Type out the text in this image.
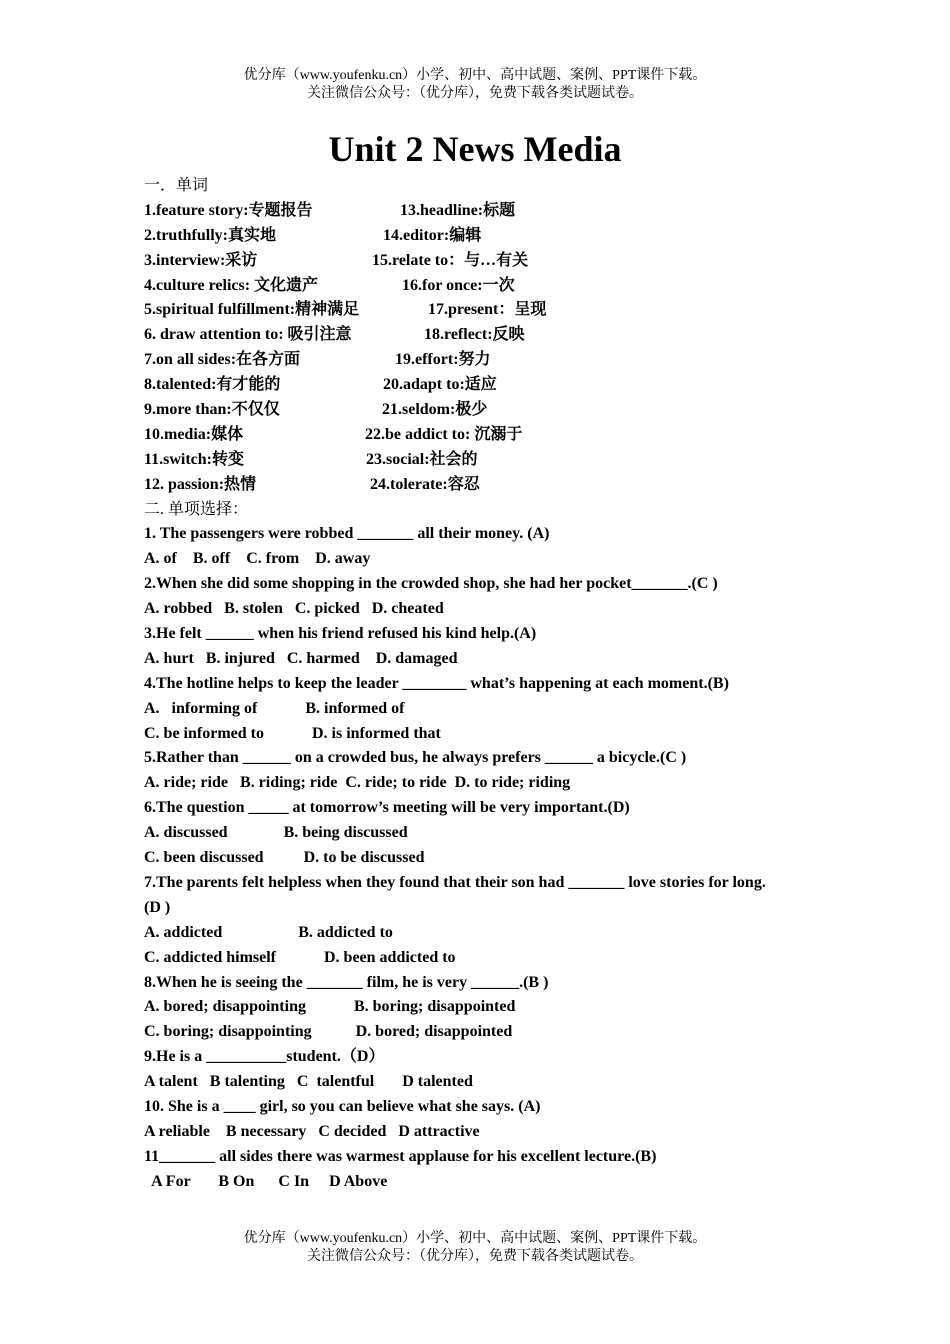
优分库（www.youfenku.cn）小学、初中、高中试题、案例、PPT课件下载。
关注微信公众号：（优分库），免费下载各类试题试卷。
Unit 2 News Media
一．单词
1.feature story:专题报告	13.headline:标题
2.truthfully:真实地	14.editor:编辑
3.interview:采访	15.relate to：与…有关
4.culture relics: 文化遗产	16.for once:一次
5.spiritual fulfillment:精神满足	17.present：呈现
6. draw attention to: 吸引注意	18.reflect:反映
7.on all sides:在各方面	19.effort:努力
8.talented:有才能的	20.adapt to:适应
9.more than:不仅仅	21.seldom:极少
10.media:媒体	22.be addict to: 沉溺于
11.switch:转变	23.social:社会的
12. passion:热情	24.tolerate:容忍
二. 单项选择：
1. The passengers were robbed _______ all their money. (A)
A. of    B. off    C. from    D. away
2.When she did some shopping in the crowded shop, she had her pocket_______.(C )
A. robbed   B. stolen   C. picked   D. cheated
3.He felt ______ when his friend refused his kind help.(A)
A. hurt   B. injured   C. harmed    D. damaged
4.The hotline helps to keep the leader ________ what’s happening at each moment.(B)
A.   informing of            B. informed of
C. be informed to            D. is informed that
5.Rather than ______ on a crowded bus, he always prefers ______ a bicycle.(C )
A. ride; ride   B. riding; ride  C. ride; to ride  D. to ride; riding
6.The question _____ at tomorrow’s meeting will be very important.(D)
A. discussed              B. being discussed
C. been discussed          D. to be discussed
7.The parents felt helpless when they found that their son had _______ love stories for long.
(D )
A. addicted                   B. addicted to
C. addicted himself            D. been addicted to
8.When he is seeing the _______ film, he is very ______.(B )
A. bored; disappointing            B. boring; disappointed
C. boring; disappointing           D. bored; disappointed
9.He is a __________student.（D）
A talent   B talenting   C  talentful       D talented
10. She is a ____ girl, so you can believe what she says. (A)
A reliable    B necessary   C decided   D attractive
11_______ all sides there was warmest applause for his excellent lecture.(B)
A For       B On      C In     D Above
优分库（www.youfenku.cn）小学、初中、高中试题、案例、PPT课件下载。
关注微信公众号：（优分库），免费下载各类试题试卷。
